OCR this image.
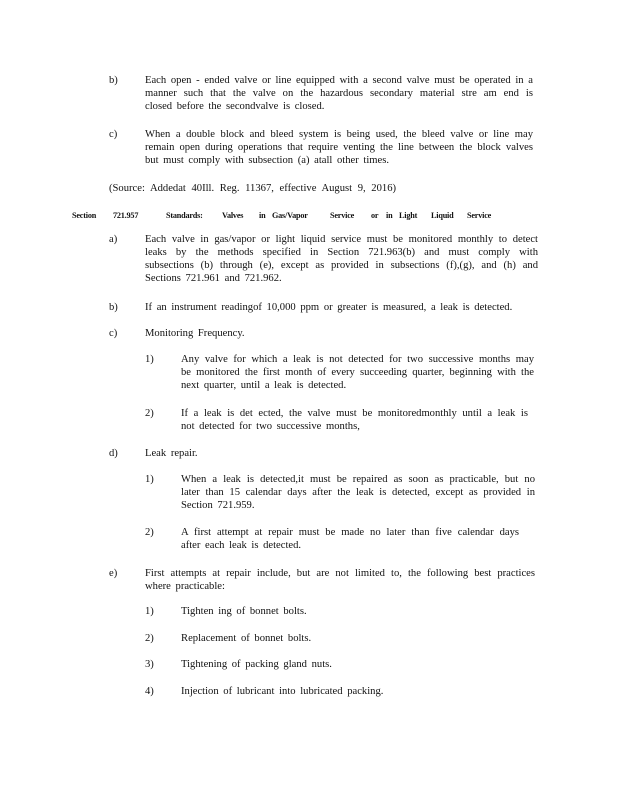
b)	Each open - ended valve or line equipped with a second valve must be operated in a manner such that the valve on the hazardous secondary material stre am end is closed before the secondvalve is closed.
c)	When a double block and bleed system is being used, the bleed valve or line may remain open during operations that require venting the line between the block valves but must comply with subsection (a) atall other times.
(Source: Addedat 40Ill. Reg. 11367, effective August 9, 2016)
Section 721.957	Standards: Valves in Gas/Vapor	Service or in Light Liquid Service
a)	Each valve in gas/vapor or light liquid service must be monitored monthly to detect leaks by the methods specified in Section 721.963(b) and must comply with subsections (b) through (e), except as provided in subsections (f),(g), and (h) and Sections 721.961 and 721.962.
b)	If an instrument readingof 10,000 ppm or greater is measured, a leak is detected.
c)	Monitoring Frequency.
1)	Any valve for which a leak is not detected for two successive months may be monitored the first month of every succeeding quarter, beginning with the next quarter, until a leak is detected.
2)	If a leak is det ected, the valve must be monitoredmonthly until a leak is not detected for two successive months,
d)	Leak repair.
1)	When a leak is detected,it must be repaired as soon as practicable, but no later than 15 calendar days after the leak is detected, except as provided in Section 721.959.
2)	A first attempt at repair must be made no later than five calendar days after each leak is detected.
e)	First attempts at repair include, but are not limited to, the following best practices where practicable:
1)	Tighten ing of bonnet bolts.
2)	Replacement of bonnet bolts.
3)	Tightening of packing gland nuts.
4)	Injection of lubricant into lubricated packing.
